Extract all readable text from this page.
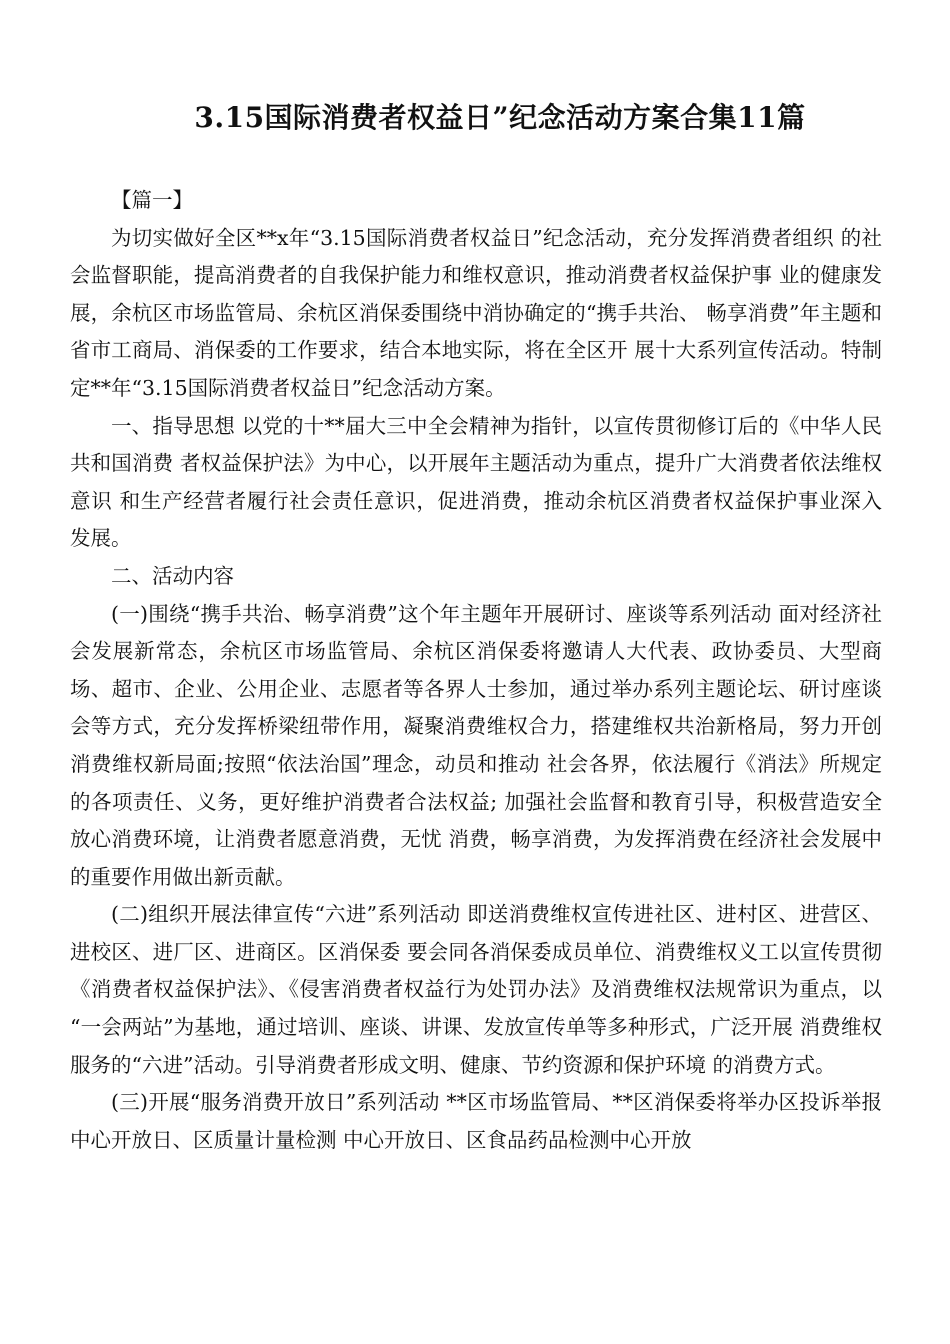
3.15国际消费者权益日”纪念活动方案合集11篇

【篇一】

为切实做好全区**x年“3.15国际消费者权益日”纪念活动，充分发挥消费者组织 的社会监督职能，提高消费者的自我保护能力和维权意识，推动消费者权益保护事 业的健康发展，余杭区市场监管局、余杭区消保委围绕中消协确定的“携手共治、 畅享消费”年主题和省市工商局、消保委的工作要求，结合本地实际，将在全区开 展十大系列宣传活动。特制定**年“3.15国际消费者权益日”纪念活动方案。

一、指导思想 以党的十**届大三中全会精神为指针，以宣传贯彻修订后的《中华人民共和国消费 者权益保护法》为中心，以开展年主题活动为重点，提升广大消费者依法维权意识 和生产经营者履行社会责任意识，促进消费，推动余杭区消费者权益保护事业深入 发展。

二、活动内容

(一)围绕“携手共治、畅享消费”这个年主题年开展研讨、座谈等系列活动 面对经济社会发展新常态，余杭区市场监管局、余杭区消保委将邀请人大代表、政协委员、大型商场、超市、企业、公用企业、志愿者等各界人士参加，通过举办系列主题论坛、研讨座谈会等方式，充分发挥桥梁纽带作用，凝聚消费维权合力，搭建维权共治新格局，努力开创消费维权新局面;按照“依法治国”理念，动员和推动 社会各界，依法履行《消法》所规定的各项责任、义务，更好维护消费者合法权益; 加强社会监督和教育引导，积极营造安全放心消费环境，让消费者愿意消费，无忧 消费，畅享消费，为发挥消费在经济社会发展中的重要作用做出新贡献。

(二)组织开展法律宣传“六进”系列活动 即送消费维权宣传进社区、进村区、进营区、进校区、进厂区、进商区。区消保委 要会同各消保委成员单位、消费维权义工以宣传贯彻《消费者权益保护法》、《侵害消费者权益行为处罚办法》及消费维权法规常识为重点，以 “一会两站”为基地，通过培训、座谈、讲课、发放宣传单等多种形式，广泛开展 消费维权服务的“六进”活动。引导消费者形成文明、健康、节约资源和保护环境 的消费方式。

(三)开展“服务消费开放日”系列活动 **区市场监管局、**区消保委将举办区投诉举报中心开放日、区质量计量检测 中心开放日、区食品药品检测中心开放
